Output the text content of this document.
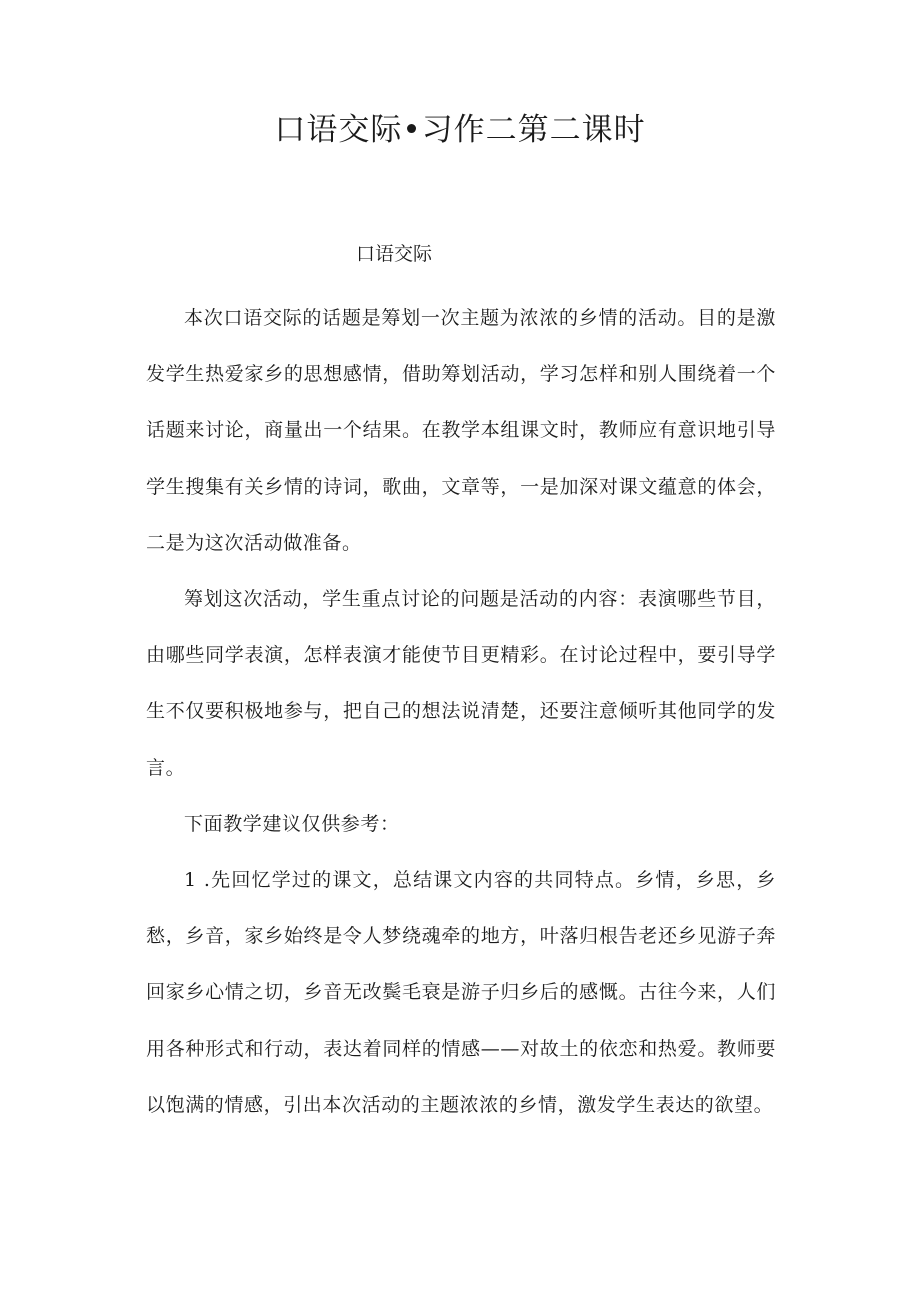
口语交际•习作二第二课时
口语交际

本次口语交际的话题是筹划一次主题为浓浓的乡情的活动。目的是激发学生热爱家乡的思想感情，借助筹划活动，学习怎样和别人围绕着一个话题来讨论，商量出一个结果。在教学本组课文时，教师应有意识地引导学生搜集有关乡情的诗词，歌曲，文章等，一是加深对课文蕴意的体会，二是为这次活动做准备。

筹划这次活动，学生重点讨论的问题是活动的内容：表演哪些节目，由哪些同学表演，怎样表演才能使节目更精彩。在讨论过程中，要引导学生不仅要积极地参与，把自己的想法说清楚，还要注意倾听其他同学的发言。

下面教学建议仅供参考：

1 .先回忆学过的课文，总结课文内容的共同特点。乡情，乡思，乡愁，乡音，家乡始终是令人梦绕魂牵的地方，叶落归根告老还乡见游子奔回家乡心情之切，乡音无改鬓毛衰是游子归乡后的感慨。古往今来，人们用各种形式和行动，表达着同样的情感——对故土的依恋和热爱。教师要以饱满的情感，引出本次活动的主题浓浓的乡情，激发学生表达的欲望。
